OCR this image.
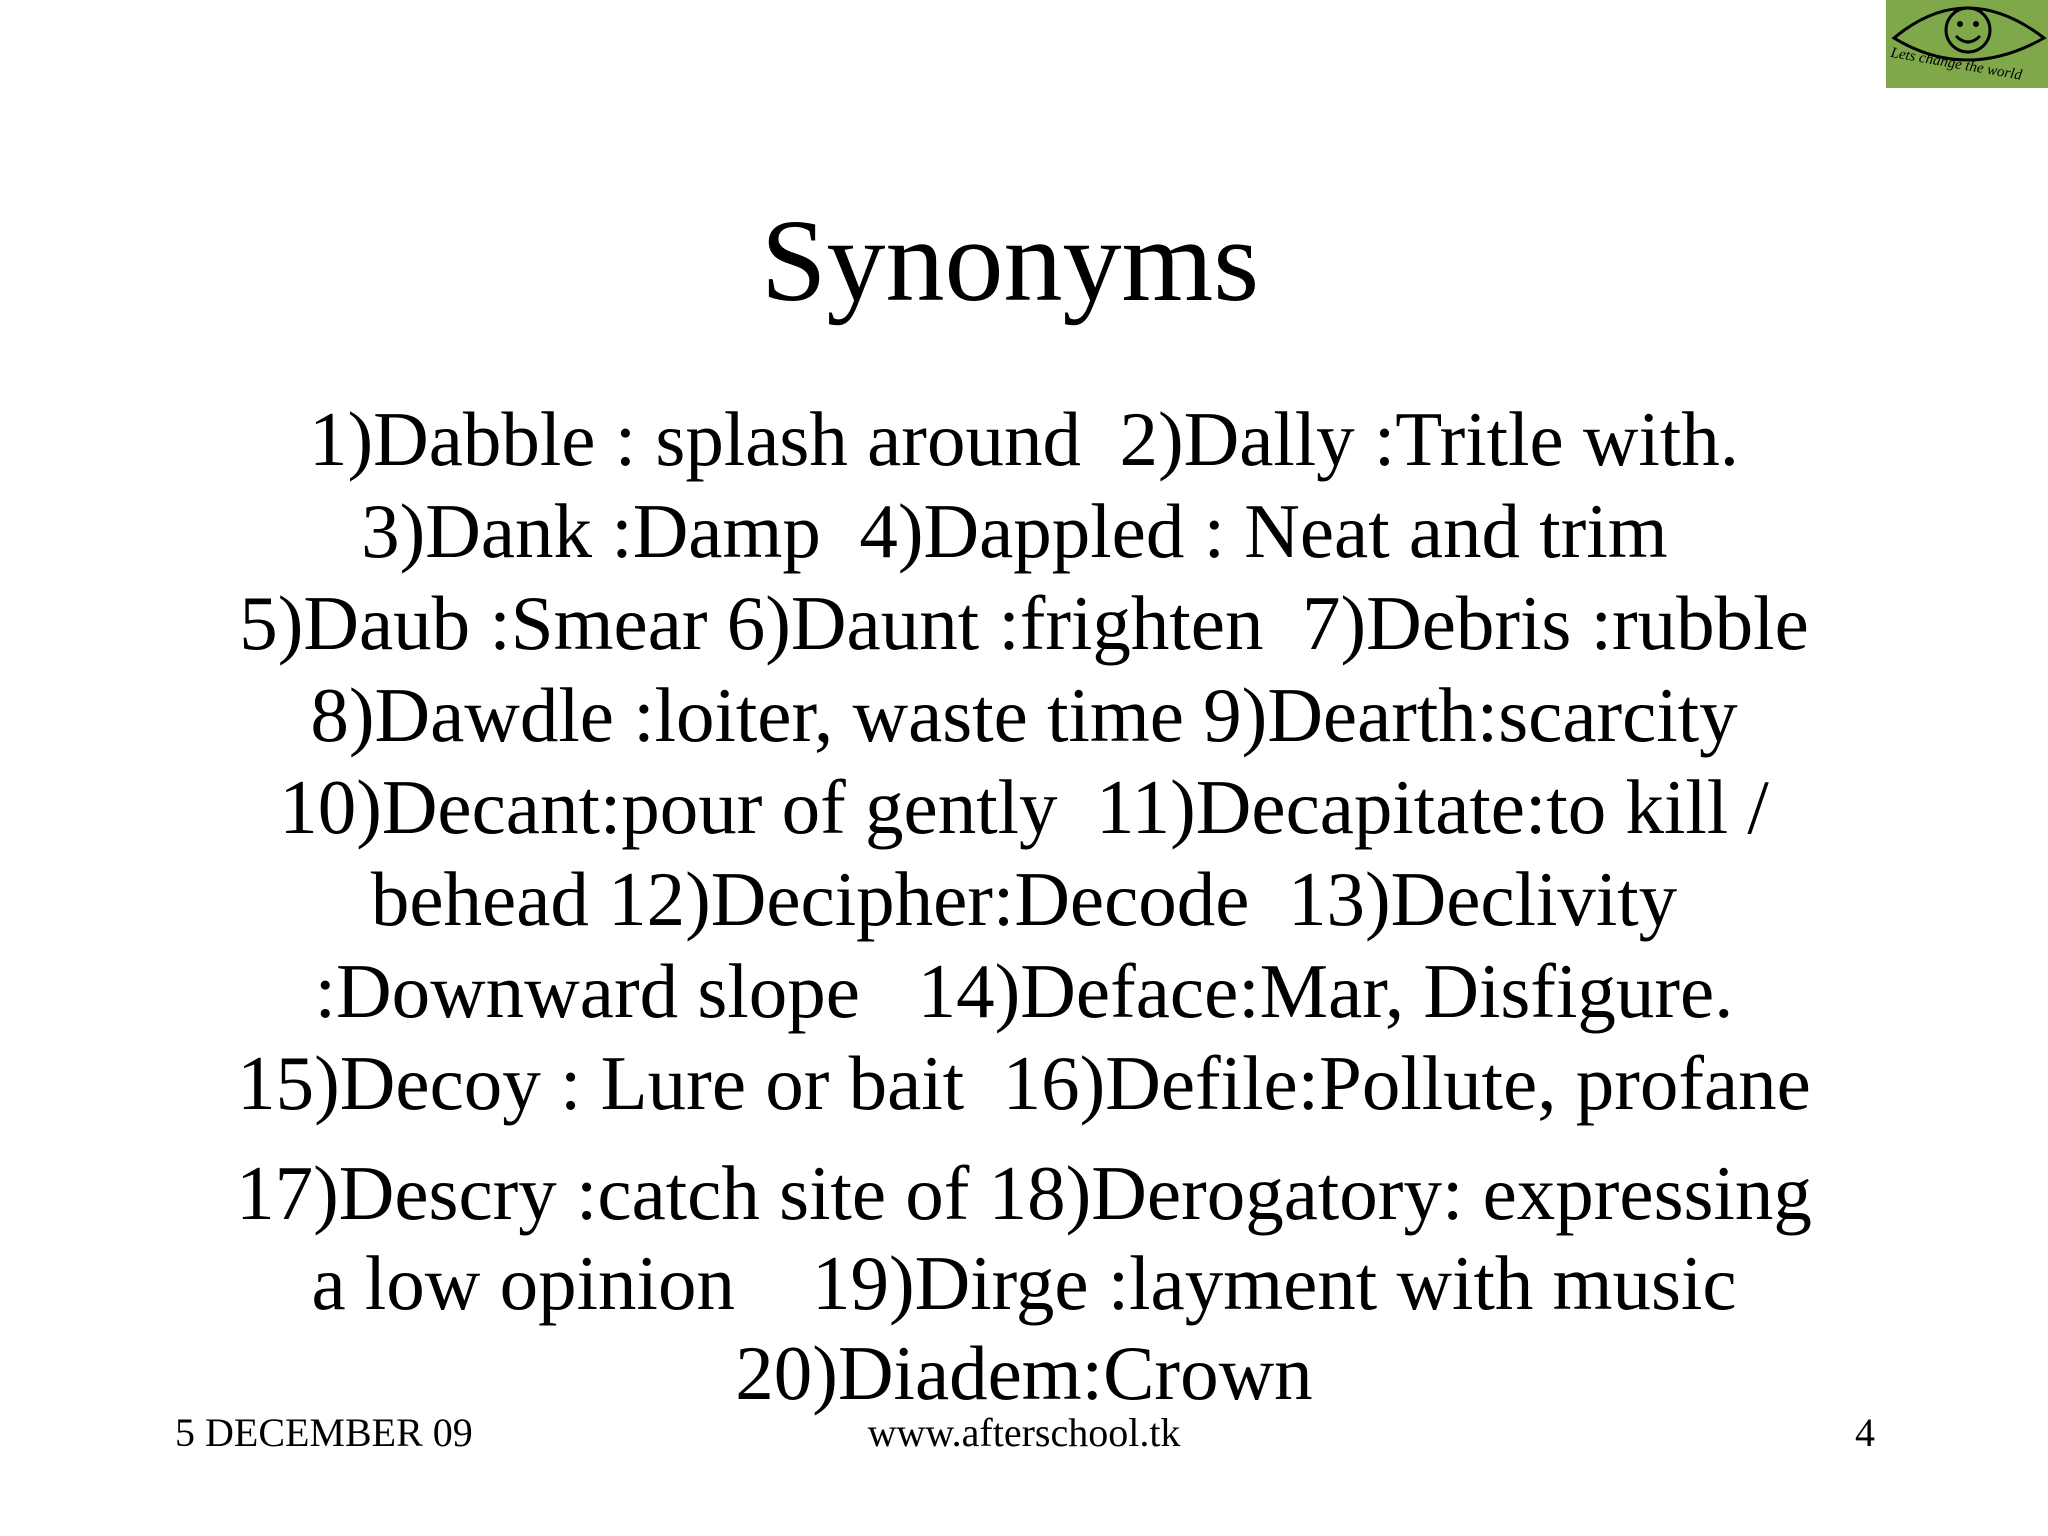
Lets change the world
Synonyms
1)Dabble : splash around  2)Dally :Tritle with.
3)Dank :Damp  4)Dappled : Neat and trim
5)Daub :Smear 6)Daunt :frighten  7)Debris :rubble
8)Dawdle :loiter, waste time 9)Dearth:scarcity
10)Decant:pour of gently  11)Decapitate:to kill /
behead 12)Decipher:Decode  13)Declivity
:Downward slope   14)Deface:Mar, Disfigure.
15)Decoy : Lure or bait  16)Defile:Pollute, profane
17)Descry :catch site of 18)Derogatory: expressing
a low opinion    19)Dirge :layment with music
20)Diadem:Crown
5 DECEMBER 09	www.afterschool.tk	4
